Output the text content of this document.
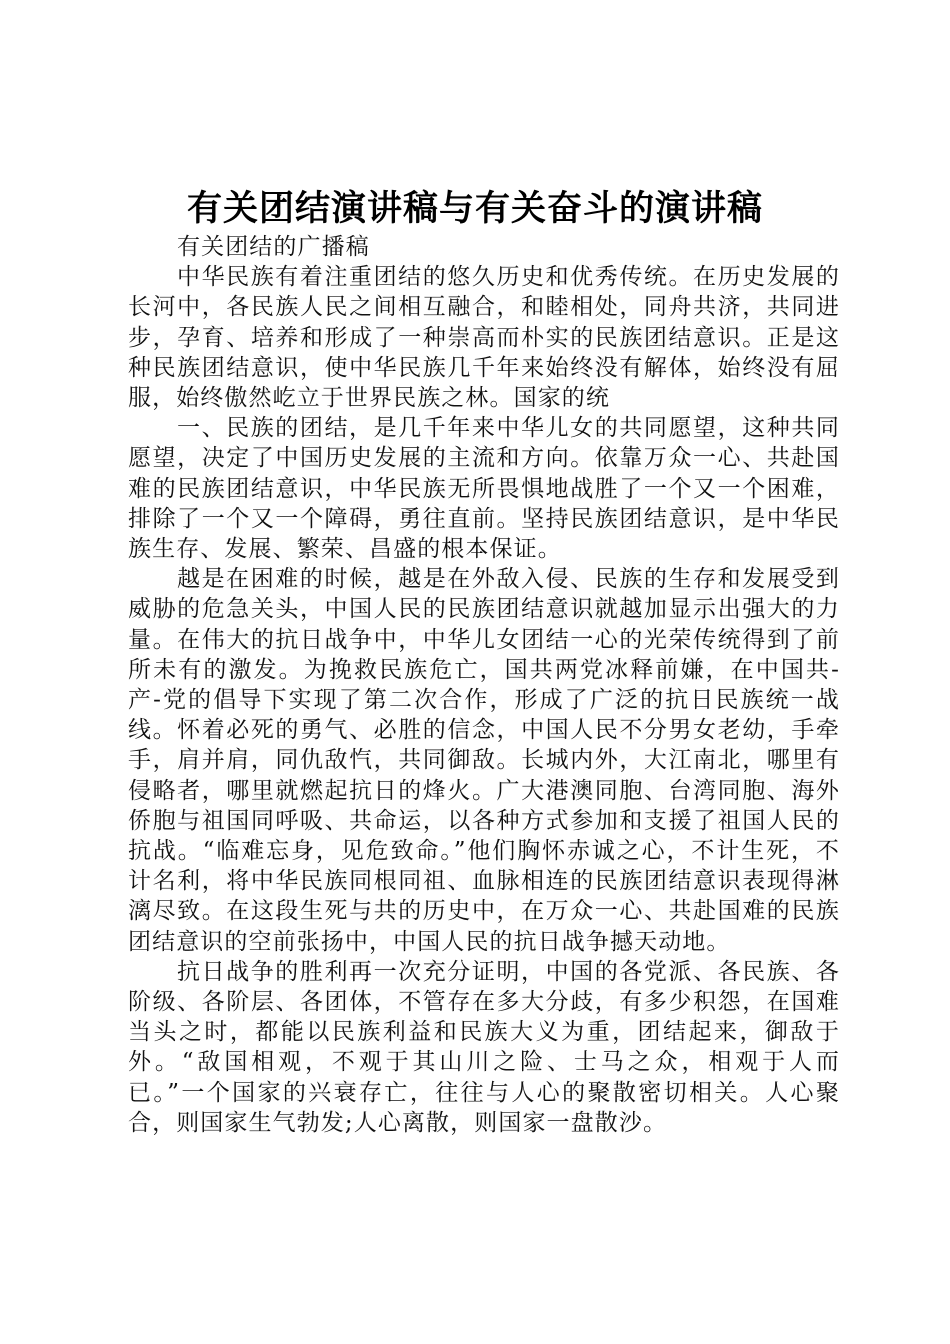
有关团结演讲稿与有关奋斗的演讲稿

有关团结的广播稿

中华民族有着注重团结的悠久历史和优秀传统。在历史发展的长河中，各民族人民之间相互融合，和睦相处，同舟共济，共同进步，孕育、培养和形成了一种崇高而朴实的民族团结意识。正是这种民族团结意识，使中华民族几千年来始终没有解体，始终没有屈服，始终傲然屹立于世界民族之林。国家的统

一、民族的团结，是几千年来中华儿女的共同愿望，这种共同愿望，决定了中国历史发展的主流和方向。依靠万众一心、共赴国难的民族团结意识，中华民族无所畏惧地战胜了一个又一个困难，排除了一个又一个障碍，勇往直前。坚持民族团结意识，是中华民族生存、发展、繁荣、昌盛的根本保证。

越是在困难的时候，越是在外敌入侵、民族的生存和发展受到威胁的危急关头，中国人民的民族团结意识就越加显示出强大的力量。在伟大的抗日战争中，中华儿女团结一心的光荣传统得到了前所未有的激发。为挽救民族危亡，国共两党冰释前嫌，在中国共-产-党的倡导下实现了第二次合作，形成了广泛的抗日民族统一战线。怀着必死的勇气、必胜的信念，中国人民不分男女老幼，手牵手，肩并肩，同仇敌忾，共同御敌。长城内外，大江南北，哪里有侵略者，哪里就燃起抗日的烽火。广大港澳同胞、台湾同胞、海外侨胞与祖国同呼吸、共命运，以各种方式参加和支援了祖国人民的抗战。“临难忘身，见危致命。”他们胸怀赤诚之心，不计生死，不计名利，将中华民族同根同祖、血脉相连的民族团结意识表现得淋漓尽致。在这段生死与共的历史中，在万众一心、共赴国难的民族团结意识的空前张扬中，中国人民的抗日战争撼天动地。

抗日战争的胜利再一次充分证明，中国的各党派、各民族、各阶级、各阶层、各团体，不管存在多大分歧，有多少积怨，在国难当头之时，都能以民族利益和民族大义为重，团结起来，御敌于外。“敌国相观，不观于其山川之险、士马之众，相观于人而已。”一个国家的兴衰存亡，往往与人心的聚散密切相关。人心聚合，则国家生气勃发;人心离散，则国家一盘散沙。
